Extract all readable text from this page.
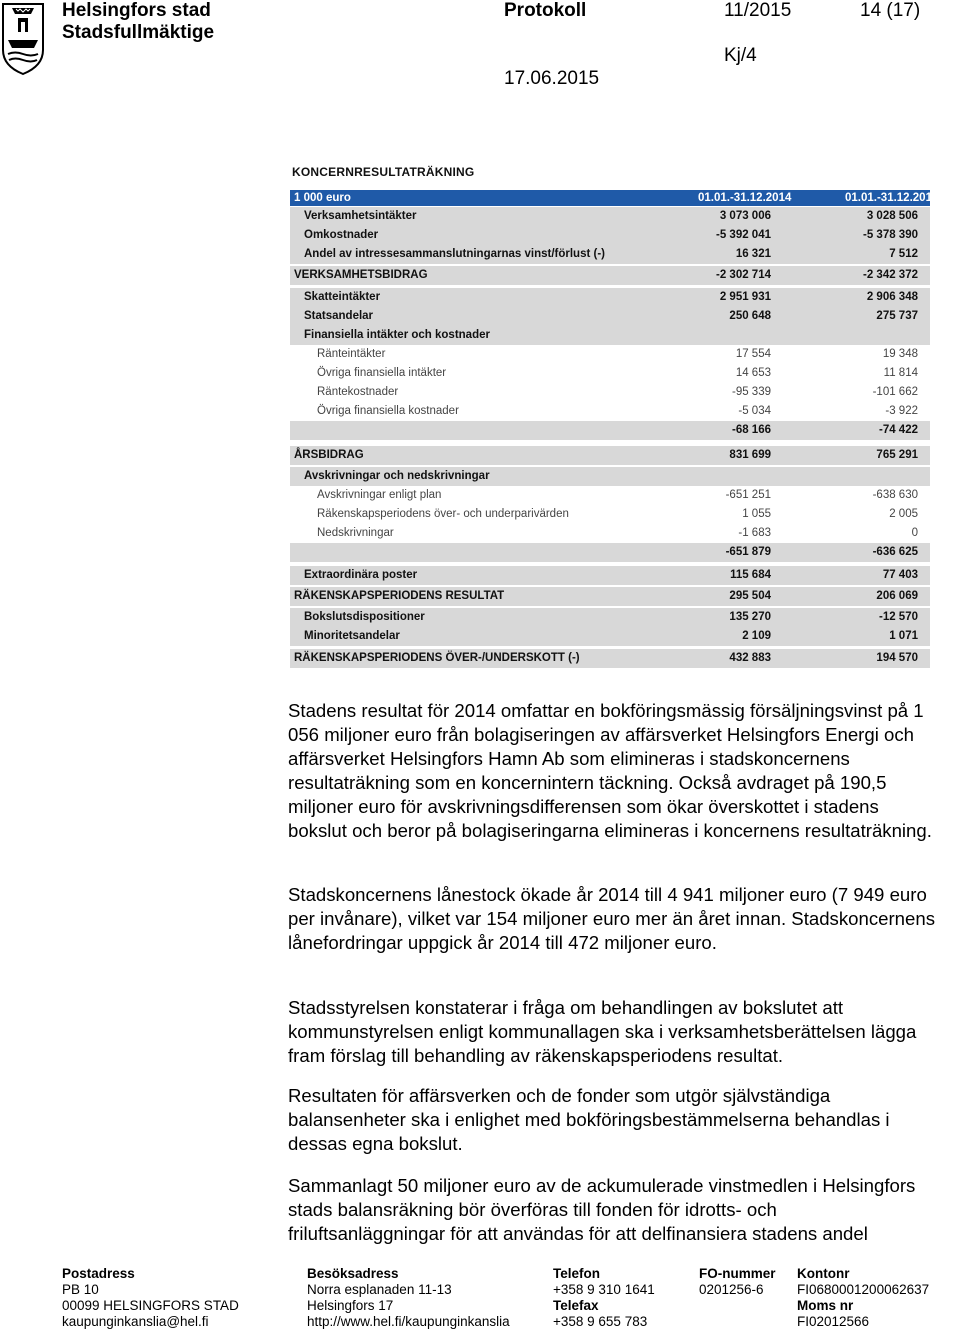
Helsingfors stad
Stadsfullmäktige
Protokoll	11/2015	14 (17)
Kj/4
17.06.2015
KONCERNRESULTATRÄKNING
1 000 euro	01.01.-31.12.2014	01.01.-31.12.2013
Verksamhetsintäkter	3 073 006	3 028 506
Omkostnader	-5 392 041	-5 378 390
Andel av intressesammanslutningarnas vinst/förlust (-)	16 321	7 512
VERKSAMHETSBIDRAG	-2 302 714	-2 342 372
Skatteintäkter	2 951 931	2 906 348
Statsandelar	250 648	275 737
Finansiella intäkter och kostnader
Ränteintäkter	17 554	19 348
Övriga finansiella intäkter	14 653	11 814
Räntekostnader	-95 339	-101 662
Övriga finansiella kostnader	-5 034	-3 922
-68 166	-74 422
ÅRSBIDRAG	831 699	765 291
Avskrivningar och nedskrivningar
Avskrivningar enligt plan	-651 251	-638 630
Räkenskapsperiodens över- och underparivärden	1 055	2 005
Nedskrivningar	-1 683	0
-651 879	-636 625
Extraordinära poster	115 684	77 403
RÄKENSKAPSPERIODENS RESULTAT	295 504	206 069
Bokslutsdispositioner	135 270	-12 570
Minoritetsandelar	2 109	1 071
RÄKENSKAPSPERIODENS ÖVER-/UNDERSKOTT (-)	432 883	194 570
Stadens resultat för 2014 omfattar en bokföringsmässig försäljningsvinst på 1 056 miljoner euro från bolagiseringen av affärsverket Helsingfors Energi och affärsverket Helsingfors Hamn Ab som elimineras i stadskoncernens resultaträkning som en koncernintern täckning. Också avdraget på 190,5 miljoner euro för avskrivningsdifferensen som ökar överskottet i stadens bokslut och beror på bolagiseringarna elimineras i koncernens resultaträkning.
Stadskoncernens lånestock ökade år 2014 till 4 941 miljoner euro (7 949 euro per invånare), vilket var 154 miljoner euro mer än året innan. Stadskoncernens lånefordringar uppgick år 2014 till 472 miljoner euro.
Stadsstyrelsen konstaterar i fråga om behandlingen av bokslutet att kommunstyrelsen enligt kommunallagen ska i verksamhetsberättelsen lägga fram förslag till behandling av räkenskapsperiodens resultat.
Resultaten för affärsverken och de fonder som utgör självständiga balansenheter ska i enlighet med bokföringsbestämmelserna behandlas i dessas egna bokslut.
Sammanlagt 50 miljoner euro av de ackumulerade vinstmedlen i Helsingfors stads balansräkning bör överföras till fonden för idrotts- och friluftsanläggningar för att användas för att delfinansiera stadens andel
Postadress
PB 10
00099 HELSINGFORS STAD
kaupunginkanslia@hel.fi
Besöksadress
Norra esplanaden 11-13
Helsingfors 17
http://www.hel.fi/kaupunginkanslia
Telefon
+358 9 310 1641
Telefax
+358 9 655 783
FO-nummer
0201256-6
Kontonr
FI0680001200062637
Moms nr
FI02012566
